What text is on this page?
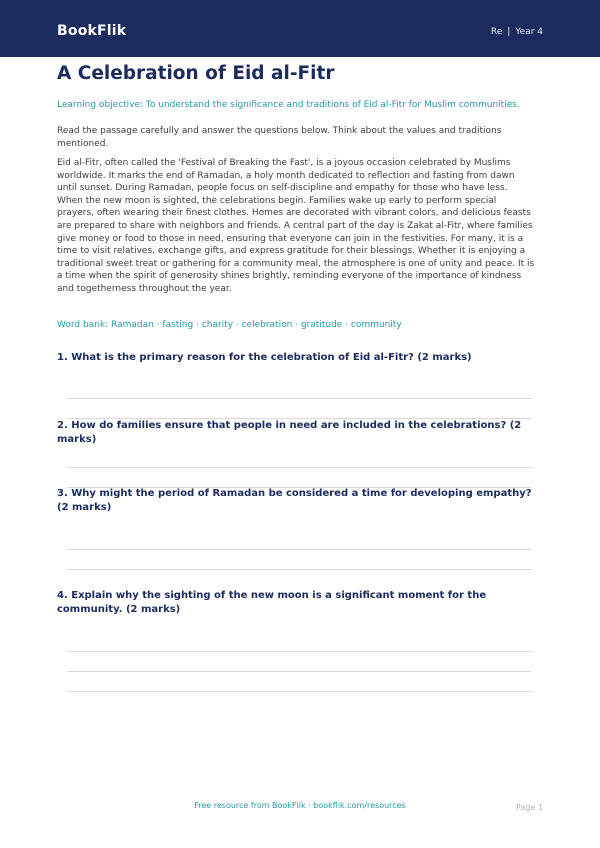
BookFlik	Re | Year 4
A Celebration of Eid al-Fitr
Learning objective: To understand the significance and traditions of Eid al-Fitr for Muslim communities.

Read the passage carefully and answer the questions below. Think about the values and traditions mentioned.

Eid al-Fitr, often called the 'Festival of Breaking the Fast', is a joyous occasion celebrated by Muslims worldwide. It marks the end of Ramadan, a holy month dedicated to reflection and fasting from dawn until sunset. During Ramadan, people focus on self-discipline and empathy for those who have less. When the new moon is sighted, the celebrations begin. Families wake up early to perform special prayers, often wearing their finest clothes. Homes are decorated with vibrant colors, and delicious feasts are prepared to share with neighbors and friends. A central part of the day is Zakat al-Fitr, where families give money or food to those in need, ensuring that everyone can join in the festivities. For many, it is a time to visit relatives, exchange gifts, and express gratitude for their blessings. Whether it is enjoying a traditional sweet treat or gathering for a community meal, the atmosphere is one of unity and peace. It is a time when the spirit of generosity shines brightly, reminding everyone of the importance of kindness and togetherness throughout the year.

Word bank: Ramadan · fasting · charity · celebration · gratitude · community

1. What is the primary reason for the celebration of Eid al-Fitr? (2 marks)

2. How do families ensure that people in need are included in the celebrations? (2 marks)

3. Why might the period of Ramadan be considered a time for developing empathy? (2 marks)

4. Explain why the sighting of the new moon is a significant moment for the community. (2 marks)

Free resource from BookFlik · bookflik.com/resources	Page 1
